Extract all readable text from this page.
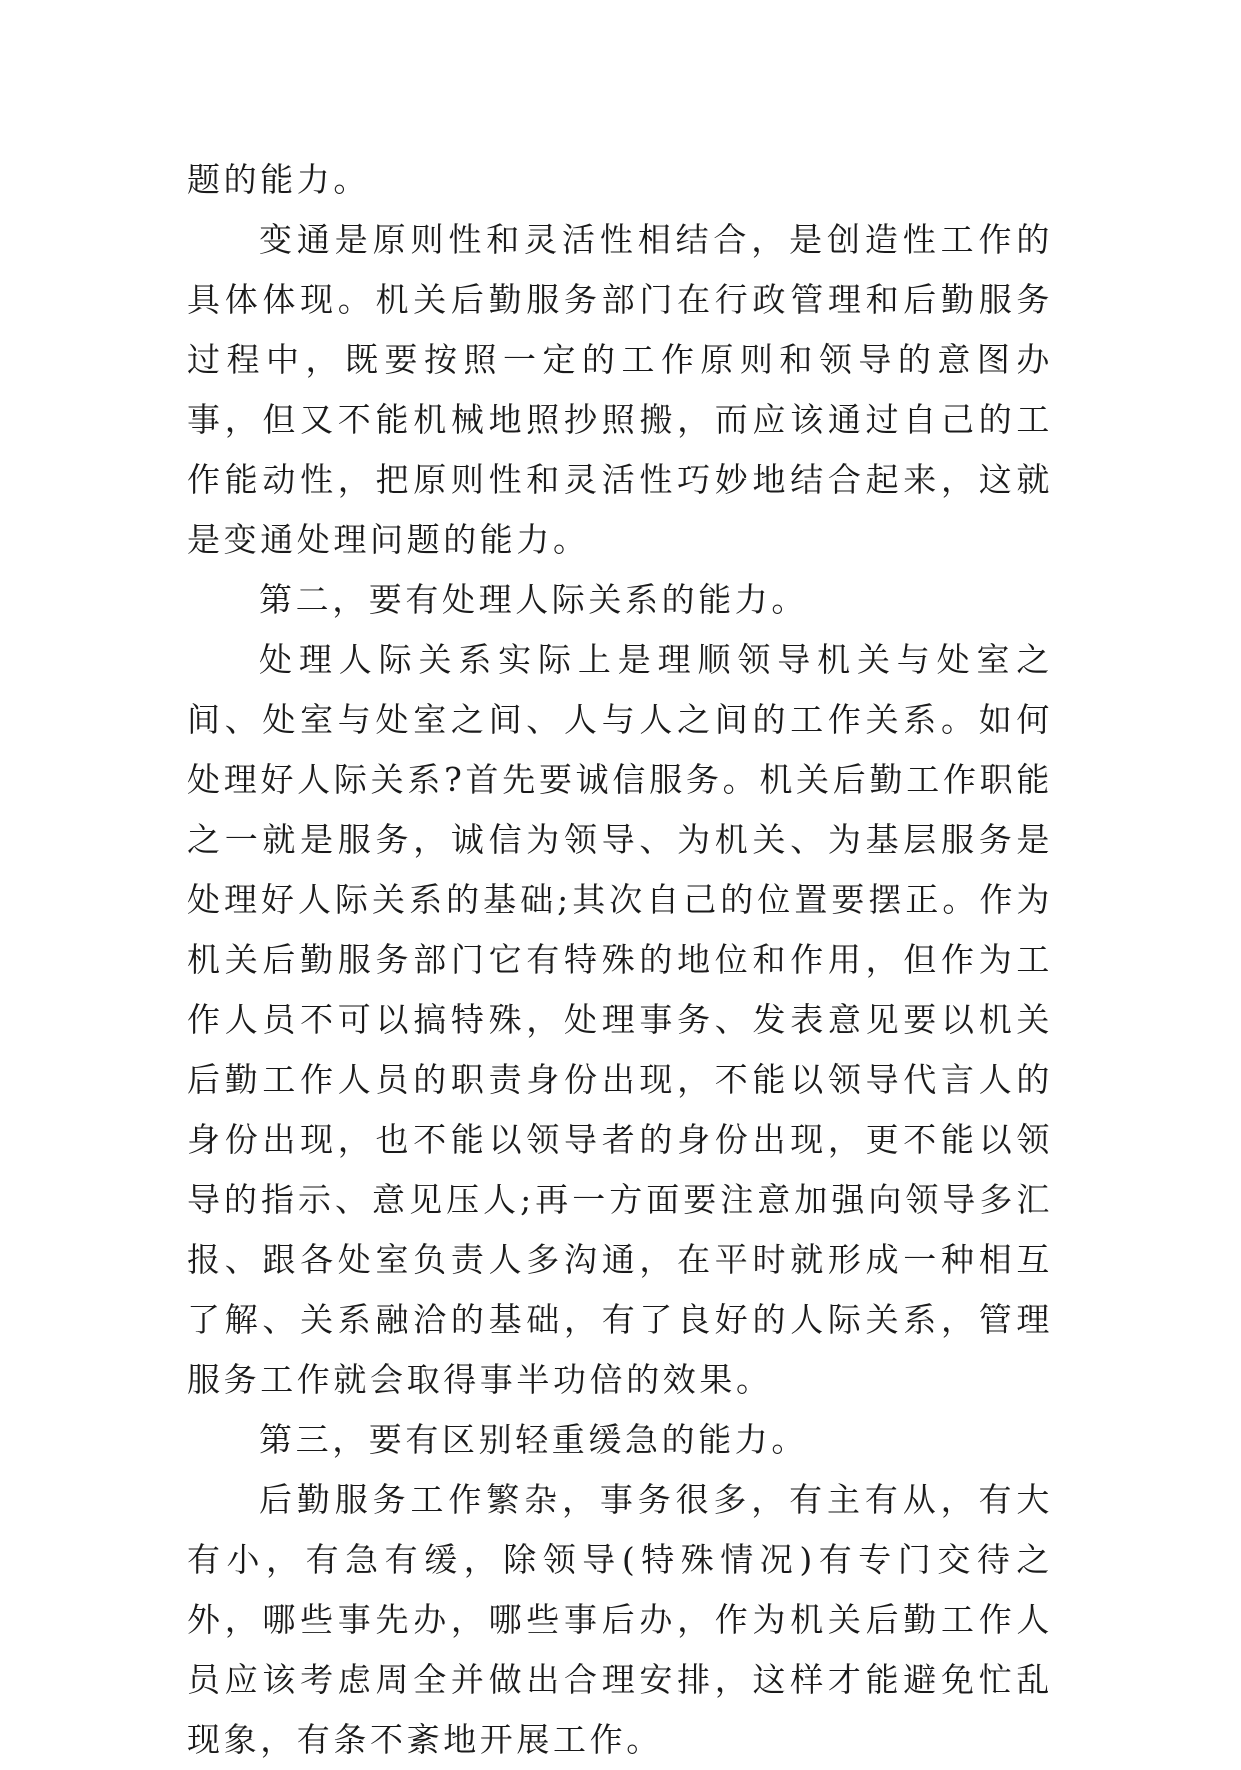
题的能力。

变通是原则性和灵活性相结合，是创造性工作的具体体现。机关后勤服务部门在行政管理和后勤服务过程中，既要按照一定的工作原则和领导的意图办事，但又不能机械地照抄照搬，而应该通过自己的工作能动性，把原则性和灵活性巧妙地结合起来，这就是变通处理问题的能力。

第二，要有处理人际关系的能力。

处理人际关系实际上是理顺领导机关与处室之间、处室与处室之间、人与人之间的工作关系。如何处理好人际关系?首先要诚信服务。机关后勤工作职能之一就是服务，诚信为领导、为机关、为基层服务是处理好人际关系的基础;其次自己的位置要摆正。作为机关后勤服务部门它有特殊的地位和作用，但作为工作人员不可以搞特殊，处理事务、发表意见要以机关后勤工作人员的职责身份出现，不能以领导代言人的身份出现，也不能以领导者的身份出现，更不能以领导的指示、意见压人;再一方面要注意加强向领导多汇报、跟各处室负责人多沟通，在平时就形成一种相互了解、关系融洽的基础，有了良好的人际关系，管理服务工作就会取得事半功倍的效果。

第三，要有区别轻重缓急的能力。

后勤服务工作繁杂，事务很多，有主有从，有大有小，有急有缓，除领导(特殊情况)有专门交待之外，哪些事先办，哪些事后办，作为机关后勤工作人员应该考虑周全并做出合理安排，这样才能避免忙乱现象，有条不紊地开展工作。
